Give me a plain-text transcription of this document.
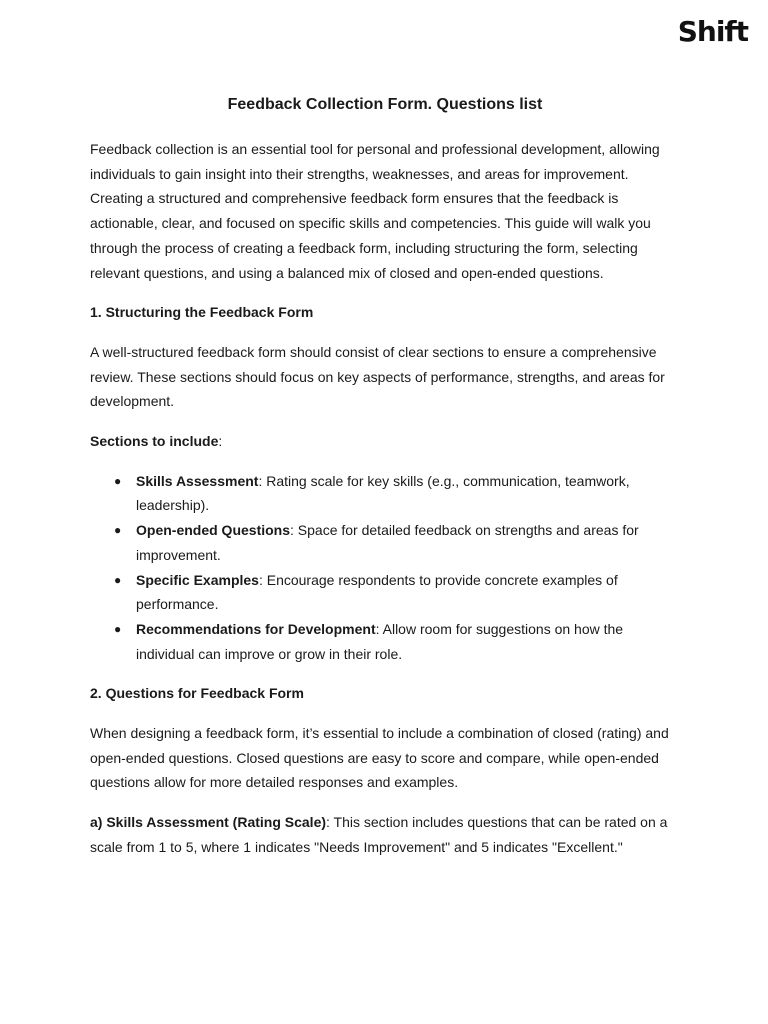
Shift
Feedback Collection Form. Questions list

Feedback collection is an essential tool for personal and professional development, allowing individuals to gain insight into their strengths, weaknesses, and areas for improvement. Creating a structured and comprehensive feedback form ensures that the feedback is actionable, clear, and focused on specific skills and competencies. This guide will walk you through the process of creating a feedback form, including structuring the form, selecting relevant questions, and using a balanced mix of closed and open-ended questions.

1. Structuring the Feedback Form

A well-structured feedback form should consist of clear sections to ensure a comprehensive review. These sections should focus on key aspects of performance, strengths, and areas for development.

Sections to include:

● Skills Assessment: Rating scale for key skills (e.g., communication, teamwork, leadership).
● Open-ended Questions: Space for detailed feedback on strengths and areas for improvement.
● Specific Examples: Encourage respondents to provide concrete examples of performance.
● Recommendations for Development: Allow room for suggestions on how the individual can improve or grow in their role.
2. Questions for Feedback Form

When designing a feedback form, it’s essential to include a combination of closed (rating) and open-ended questions. Closed questions are easy to score and compare, while open-ended questions allow for more detailed responses and examples.

a) Skills Assessment (Rating Scale): This section includes questions that can be rated on a scale from 1 to 5, where 1 indicates "Needs Improvement" and 5 indicates "Excellent."
